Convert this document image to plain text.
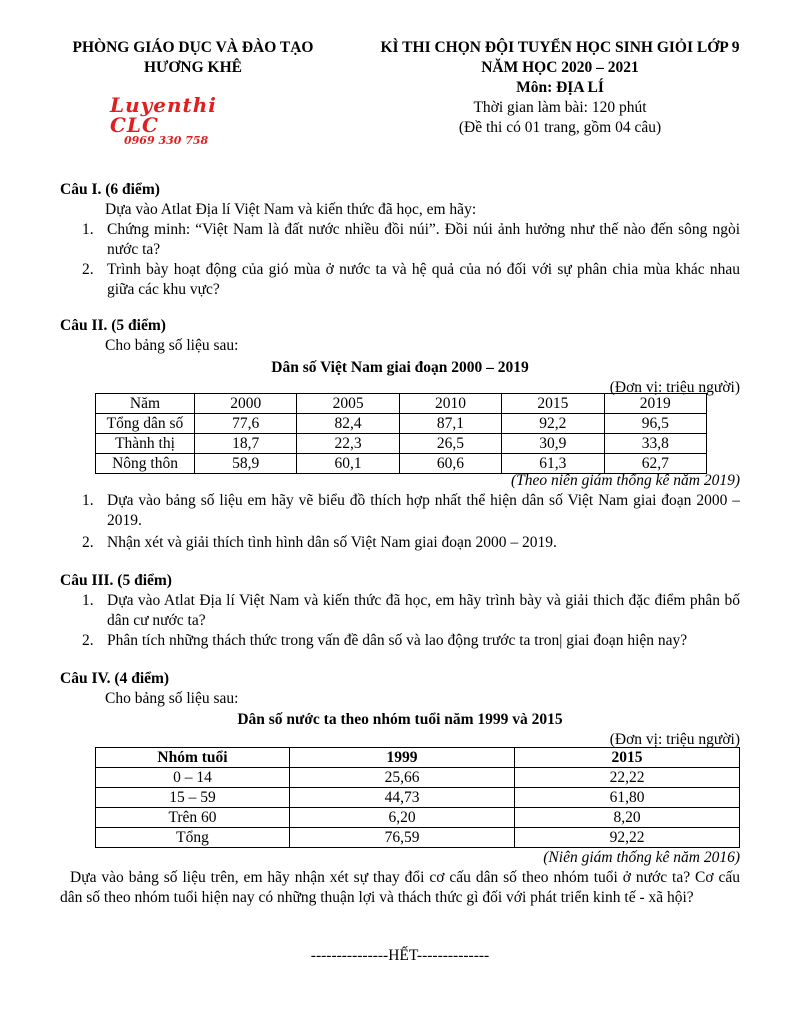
PHÒNG GIÁO DỤC VÀ ĐÀO TẠO
HƯƠNG KHÊ
KÌ THI CHỌN ĐỘI TUYỂN HỌC SINH GIỎI LỚP 9
NĂM HỌC 2020 – 2021
Môn: ĐỊA LÍ
Thời gian làm bài: 120 phút
(Đề thi có 01 trang, gồm 04 câu)
Luyenthi CLC
0969 330 758
Câu I. (6 điểm)
Dựa vào Atlat Địa lí Việt Nam và kiến thức đã học, em hãy:
1. Chứng minh: “Việt Nam là đất nước nhiều đồi núi”. Đồi núi ảnh hưởng như thế nào đến sông ngòi nước ta?
2. Trình bày hoạt động của gió mùa ở nước ta và hệ quả của nó đối với sự phân chia mùa khác nhau giữa các khu vực?
Câu II. (5 điểm)
Cho bảng số liệu sau:
Dân số Việt Nam giai đoạn 2000 – 2019
(Đơn vị: triệu người)
Năm	2000	2005	2010	2015	2019
Tổng dân số	77,6	82,4	87,1	92,2	96,5
Thành thị	18,7	22,3	26,5	30,9	33,8
Nông thôn	58,9	60,1	60,6	61,3	62,7
(Theo niên giám thống kê năm 2019)
1. Dựa vào bảng số liệu em hãy vẽ biểu đồ thích hợp nhất thể hiện dân số Việt Nam giai đoạn 2000 – 2019.
2. Nhận xét và giải thích tình hình dân số Việt Nam giai đoạn 2000 – 2019.
Câu III. (5 điểm)
1. Dựa vào Atlat Địa lí Việt Nam và kiến thức đã học, em hãy trình bày và giải thich đặc điểm phân bố dân cư nước ta?
2. Phân tích những thách thức trong vấn đề dân số và lao động trước ta tron| giai đoạn hiện nay?
Câu IV. (4 điểm)
Cho bảng số liệu sau:
Dân số nước ta theo nhóm tuổi năm 1999 và 2015
(Đơn vị: triệu người)
Nhóm tuổi	1999	2015
0 – 14	25,66	22,22
15 – 59	44,73	61,80
Trên 60	6,20	8,20
Tổng	76,59	92,22
(Niên giám thống kê năm 2016)
Dựa vào bảng số liệu trên, em hãy nhận xét sự thay đổi cơ cấu dân số theo nhóm tuổi ở nước ta? Cơ cấu dân số theo nhóm tuổi hiện nay có những thuận lợi và thách thức gì đối với phát triển kinh tế - xã hội?
---------------HẾT--------------
